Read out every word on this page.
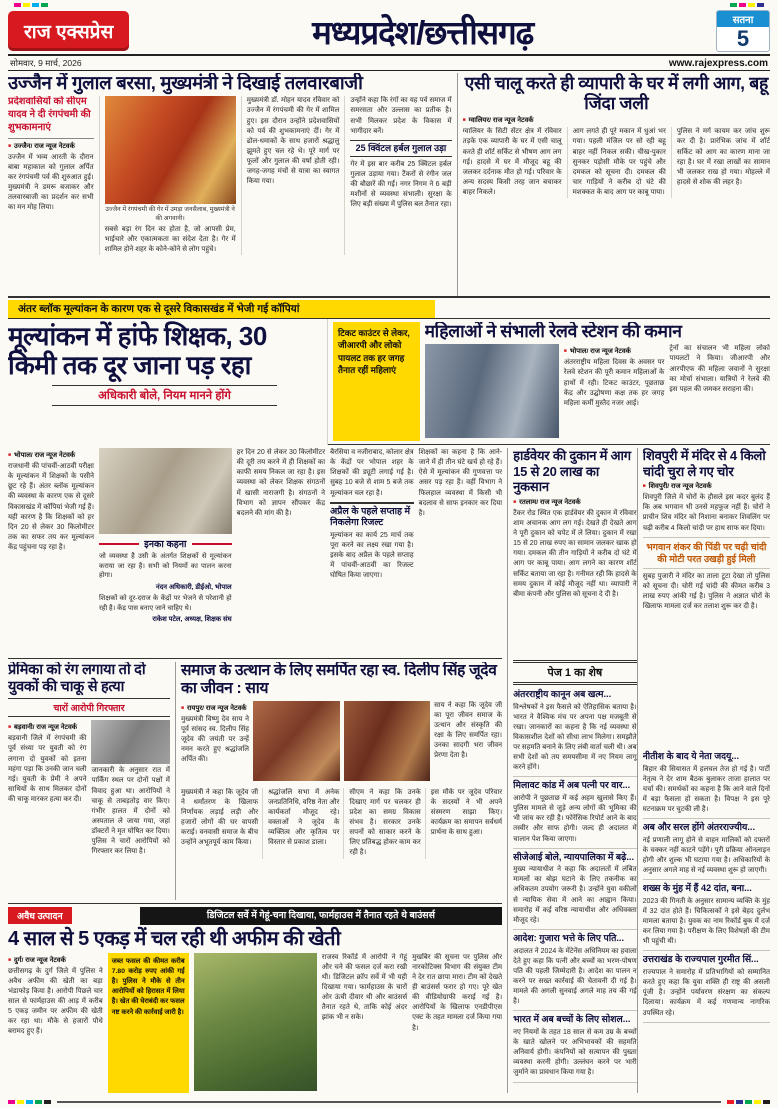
राज एक्सप्रेस	मध्यप्रदेश/छत्तीसगढ़	सतना
5
सोमवार, 9 मार्च, 2026	www.rajexpress.com
उज्जैन में गुलाल बरसा, मुख्यमंत्री ने दिखाई तलवारबाजी
प्रदेशवासियों को सीएम यादव ने दी रंगपंचमी की शुभकामनाएं
■ उज्जैन/ राज न्यूज नेटवर्क

उज्जैन में भव्य आरती के दौरान बाबा महाकाल को गुलाल अर्पित कर रंगपंचमी पर्व की शुरुआत हुई। मुख्यमंत्री ने डमरू बजाकर और तलवारबाजी का प्रदर्शन कर सभी का मन मोह लिया।	उज्जैन में रंगपंचमी की गेर में उमड़ा जनसैलाब, मुख्यमंत्री ने की अगवानी।

सबसे बड़ा रंग दिन का होता है, जो आपसी प्रेम, भाईचारे और एकात्मकता का संदेश देता है। गेर में शामिल होने शहर के कोने-कोने से लोग पहुंचे।

मुख्यमंत्री डॉ. मोहन यादव रविवार को उज्जैन में रंगपंचमी की गेर में शामिल हुए। इस दौरान उन्होंने प्रदेशवासियों को पर्व की शुभकामनाएं दीं। गेर में ढोल-धमाकों के साथ हजारों श्रद्धालु झूमते हुए चल रहे थे। पूरे मार्ग पर फूलों और गुलाल की वर्षा होती रही। जगह-जगह मंचों से यात्रा का स्वागत किया गया।

उन्होंने कहा कि रंगों का यह पर्व समाज में समरसता और उल्लास का प्रतीक है। सभी मिलकर प्रदेश के विकास में भागीदार बनें।

25 क्विंटल हर्बल गुलाल उड़ा

गेर में इस बार करीब 25 क्विंटल हर्बल गुलाल उड़ाया गया। टैंकरों से रंगीन जल की बौछारें की गईं। नगर निगम ने 6 बड़ी मशीनों से व्यवस्था संभाली। सुरक्षा के लिए बड़ी संख्या में पुलिस बल तैनात रहा।

एसी चालू करते ही व्यापारी के घर में लगी आग, बहू जिंदा जली
■ ग्वालियर/ राज न्यूज नेटवर्क

ग्वालियर के सिटी सेंटर क्षेत्र में रविवार तड़के एक व्यापारी के घर में एसी चालू करते ही शॉर्ट सर्किट से भीषण आग लग गई। हादसे में घर में मौजूद बहू की जलकर दर्दनाक मौत हो गई। परिवार के अन्य सदस्य किसी तरह जान बचाकर बाहर निकले।

आग लगते ही पूरे मकान में धुआं भर गया। पहली मंजिल पर सो रही बहू बाहर नहीं निकल सकी। चीख-पुकार सुनकर पड़ोसी मौके पर पहुंचे और दमकल को सूचना दी। दमकल की चार गाड़ियों ने करीब दो घंटे की मशक्कत के बाद आग पर काबू पाया।

पुलिस ने मर्ग कायम कर जांच शुरू कर दी है। प्रारंभिक जांच में शॉर्ट सर्किट को आग का कारण माना जा रहा है। घर में रखा लाखों का सामान भी जलकर राख हो गया। मोहल्ले में हादसे से शोक की लहर है।

अंतर ब्लॉक मूल्यांकन के कारण एक से दूसरे विकासखंड में भेजी गई कॉपियां
मूल्यांकन में हांफे शिक्षक, 30 किमी तक दूर जाना पड़ रहा
अधिकारी बोले, नियम मानने होंगे
टिकट काउंटर से लेकर, जीआरपी और लोको पायलट तक हर जगह तैनात रहीं महिलाएं
महिलाओं ने संभाली रेलवे स्टेशन की कमान
■ भोपाल/ राज न्यूज नेटवर्क

अंतरराष्ट्रीय महिला दिवस के अवसर पर रेलवे स्टेशन की पूरी कमान महिलाओं के हाथों में रही। टिकट काउंटर, पूछताछ केंद्र और उद्घोषणा कक्ष तक हर जगह महिला कर्मी मुस्तैद नजर आईं।

ट्रेनों का संचालन भी महिला लोको पायलटों ने किया। जीआरपी और आरपीएफ की महिला जवानों ने सुरक्षा का मोर्चा संभाला। यात्रियों ने रेलवे की इस पहल की जमकर सराहना की।

■ भोपाल/ राज न्यूज नेटवर्क

राजधानी की पांचवीं-आठवीं परीक्षा के मूल्यांकन में शिक्षकों के पसीने छूट रहे हैं। अंतर ब्लॉक मूल्यांकन की व्यवस्था के कारण एक से दूसरे विकासखंड में कॉपियां भेजी गई हैं। यही कारण है कि शिक्षकों को हर दिन 20 से लेकर 30 किलोमीटर तक का सफर तय कर मूल्यांकन केंद्र पहुंचना पड़ रहा है।	इनका कहना

जो व्यवस्था है उसी के अंतर्गत शिक्षकों से मूल्यांकन कराया जा रहा है। सभी को नियमों का पालन करना होगा।

नंदन अधिकारी, डीईओ, भोपाल

शिक्षकों को दूर-दराज के केंद्रों पर भेजने से परेशानी हो रही है। केंद्र पास बनाए जाने चाहिए थे।

राकेश पटेल, अध्यक्ष, शिक्षक संघ

हर दिन 20 से लेकर 30 किलोमीटर की दूरी तय करने में ही शिक्षकों का काफी समय निकल जा रहा है। इस व्यवस्था को लेकर शिक्षक संगठनों में खासी नाराजगी है। संगठनों ने विभाग को ज्ञापन सौंपकर केंद्र बदलने की मांग की है।

बैरसिया व नजीराबाद, कोलार क्षेत्र के केंद्रों पर भोपाल शहर के शिक्षकों की ड्यूटी लगाई गई है। सुबह 10 बजे से शाम 5 बजे तक मूल्यांकन चल रहा है।

अप्रैल के पहले सप्ताह में निकलेगा रिजल्ट

मूल्यांकन का कार्य 25 मार्च तक पूरा करने का लक्ष्य रखा गया है। इसके बाद अप्रैल के पहले सप्ताह में पांचवीं-आठवीं का रिजल्ट घोषित किया जाएगा।

शिक्षकों का कहना है कि आने-जाने में ही तीन घंटे खर्च हो रहे हैं। ऐसे में मूल्यांकन की गुणवत्ता पर असर पड़ रहा है। वहीं विभाग ने फिलहाल व्यवस्था में किसी भी बदलाव से साफ इनकार कर दिया है।

प्रेमिका को रंग लगाया तो दो युवकों की चाकू से हत्या
चारों आरोपी गिरफ्तार
■ बड़वानी/ राज न्यूज नेटवर्क

बड़वानी जिले में रंगपंचमी की पूर्व संध्या पर युवती को रंग लगाना दो युवकों को इतना महंगा पड़ा कि उनकी जान चली गई। युवती के प्रेमी ने अपने साथियों के साथ मिलकर दोनों की चाकू मारकर हत्या कर दी।

जानकारी के अनुसार रात में पार्किंग स्थल पर दोनों पक्षों में विवाद हुआ था। आरोपियों ने चाकू से ताबड़तोड़ वार किए। गंभीर हालत में दोनों को अस्पताल ले जाया गया, जहां डॉक्टरों ने मृत घोषित कर दिया। पुलिस ने चारों आरोपियों को गिरफ्तार कर लिया है।

समाज के उत्थान के लिए समर्पित रहा स्व. दिलीप सिंह जूदेव का जीवन : साय
■ रायपुर/ राज न्यूज नेटवर्क

मुख्यमंत्री विष्णु देव साय ने पूर्व सांसद स्व. दिलीप सिंह जूदेव की जयंती पर उन्हें नमन करते हुए श्रद्धांजलि अर्पित की।

साय ने कहा कि जूदेव जी का पूरा जीवन समाज के उत्थान और संस्कृति की रक्षा के लिए समर्पित रहा। उनका सादगी भरा जीवन प्रेरणा देता है।

मुख्यमंत्री ने कहा कि जूदेव जी ने धर्मांतरण के खिलाफ निर्णायक लड़ाई लड़ी और हजारों लोगों की घर वापसी कराई। वनवासी समाज के बीच उन्होंने अभूतपूर्व काम किया।

श्रद्धांजलि सभा में अनेक जनप्रतिनिधि, वरिष्ठ नेता और कार्यकर्ता मौजूद रहे। वक्ताओं ने जूदेव के व्यक्तित्व और कृतित्व पर विस्तार से प्रकाश डाला।

सीएम ने कहा कि उनके दिखाए मार्ग पर चलकर ही प्रदेश का समग्र विकास संभव है। सरकार उनके सपनों को साकार करने के लिए प्रतिबद्ध होकर काम कर रही है।

इस मौके पर जूदेव परिवार के सदस्यों ने भी अपने संस्मरण साझा किए। कार्यक्रम का समापन सर्वधर्म प्रार्थना के साथ हुआ।

अवैध उत्पादन	डिजिटल सर्वे में गेहूं-चना दिखाया, फार्महाउस में तैनात रहते थे बाउंसर्स
4 साल से 5 एकड़ में चल रही थी अफीम की खेती
■ दुर्ग/ राज न्यूज नेटवर्क

छत्तीसगढ़ के दुर्ग जिले में पुलिस ने अवैध अफीम की खेती का बड़ा भंडाफोड़ किया है। आरोपी पिछले चार साल से फार्महाउस की आड़ में करीब 5 एकड़ जमीन पर अफीम की खेती कर रहा था। मौके से हजारों पौधे बरामद हुए हैं।

जब्त फसल की कीमत करीब 7.80 करोड़ रुपए आंकी गई है। पुलिस ने मौके से तीन आरोपियों को हिरासत में लिया है। खेत की घेराबंदी कर फसल नष्ट करने की कार्रवाई जारी है।

राजस्व रिकॉर्ड में आरोपी ने गेहूं और चने की फसल दर्ज करा रखी थी। डिजिटल क्रॉप सर्वे में भी यही दिखाया गया। फार्महाउस के चारों ओर ऊंची दीवार थी और बाउंसर्स तैनात रहते थे, ताकि कोई अंदर झांक भी न सके।

मुखबिर की सूचना पर पुलिस और नारकोटिक्स विभाग की संयुक्त टीम ने देर रात छापा मारा। टीम को देखते ही बाउंसर्स फरार हो गए। पूरे खेत की वीडियोग्राफी कराई गई है। आरोपियों के खिलाफ एनडीपीएस एक्ट के तहत मामला दर्ज किया गया है।

हार्डवेयर की दुकान में आग 15 से 20 लाख का नुकसान
■ रतलाम/ राज न्यूज नेटवर्क

टैंकर रोड स्थित एक हार्डवेयर की दुकान में रविवार शाम अचानक आग लग गई। देखते ही देखते आग ने पूरी दुकान को चपेट में ले लिया। दुकान में रखा 15 से 20 लाख रुपए का सामान जलकर खाक हो गया। दमकल की तीन गाड़ियों ने करीब दो घंटे में आग पर काबू पाया। आग लगने का कारण शॉर्ट सर्किट बताया जा रहा है। गनीमत रही कि हादसे के समय दुकान में कोई मौजूद नहीं था। व्यापारी ने बीमा कंपनी और पुलिस को सूचना दे दी है।

पेज 1 का शेष
अंतरराष्ट्रीय कानून अब खत्म...

विश्लेषकों ने इस फैसले को ऐतिहासिक बताया है। भारत ने वैश्विक मंच पर अपना पक्ष मजबूती से रखा। जानकारों का कहना है कि नई व्यवस्था से विकासशील देशों को सीधा लाभ मिलेगा। समझौते पर सहमति बनाने के लिए लंबी वार्ता चली थी। अब सभी देशों को तय समयसीमा में नए नियम लागू करने होंगे।

मिलावट कांड में अब पत्नी पर वार...

आरोपी ने पूछताछ में कई अहम खुलासे किए हैं। पुलिस मामले से जुड़े अन्य लोगों की भूमिका की भी जांच कर रही है। फोरेंसिक रिपोर्ट आने के बाद तस्वीर और साफ होगी। जल्द ही अदालत में चालान पेश किया जाएगा।

सीजेआई बोले, न्यायपालिका में बढ़े...

मुख्य न्यायाधीश ने कहा कि अदालतों में लंबित मामलों का बोझ घटाने के लिए तकनीक का अधिकतम उपयोग जरूरी है। उन्होंने युवा वकीलों से न्यायिक सेवा में आने का आह्वान किया। समारोह में कई वरिष्ठ न्यायाधीश और अधिवक्ता मौजूद रहे।

आदेश: गुजारा भत्ते के लिए पति...

अदालत ने 2024 के मेंटेनेंस अधिनियम का हवाला देते हुए कहा कि पत्नी और बच्चों का भरण-पोषण पति की पहली जिम्मेदारी है। आदेश का पालन न करने पर सख्त कार्रवाई की चेतावनी दी गई है। मामले की अगली सुनवाई अगले माह तय की गई है।

भारत में अब बच्चों के लिए सोशल...

नए नियमों के तहत 18 साल से कम उम्र के बच्चों के खाते खोलने पर अभिभावकों की सहमति अनिवार्य होगी। कंपनियों को सत्यापन की पुख्ता व्यवस्था करनी होगी। उल्लंघन करने पर भारी जुर्माने का प्रावधान किया गया है।

शिवपुरी में मंदिर से 4 किलो चांदी चुरा ले गए चोर
■ शिवपुरी/ राज न्यूज नेटवर्क

शिवपुरी जिले में चोरों के हौसले इस कदर बुलंद हैं कि अब भगवान भी उनसे महफूज नहीं हैं। चोरों ने प्राचीन शिव मंदिर को निशाना बनाकर शिवलिंग पर चढ़ी करीब 4 किलो चांदी पर हाथ साफ कर दिया।

भगवान शंकर की पिंडी पर चढ़ी चांदी की मोटी परत उखड़ी हुई मिली

सुबह पुजारी ने मंदिर का ताला टूटा देखा तो पुलिस को सूचना दी। चोरी गई चांदी की कीमत करीब 3 लाख रुपए आंकी गई है। पुलिस ने अज्ञात चोरों के खिलाफ मामला दर्ज कर तलाश शुरू कर दी है।

नीतीश के बाद ये नेता जदयू...

बिहार की सियासत में हलचल तेज हो गई है। पार्टी नेतृत्व ने देर शाम बैठक बुलाकर ताजा हालात पर चर्चा की। समर्थकों का कहना है कि आने वाले दिनों में बड़ा फैसला हो सकता है। विपक्ष ने इस पूरे घटनाक्रम पर चुटकी ली है।

अब और सरल होंगे अंतरराज्यीय...

नई प्रणाली लागू होने से वाहन मालिकों को दफ्तरों के चक्कर नहीं काटने पड़ेंगे। पूरी प्रक्रिया ऑनलाइन होगी और शुल्क भी घटाया गया है। अधिकारियों के अनुसार अगले माह से नई व्यवस्था शुरू हो जाएगी।

शख्स के मुंह में हैं 42 दांत, बना...

2023 की गिनती के अनुसार सामान्य व्यक्ति के मुंह में 32 दांत होते हैं। चिकित्सकों ने इसे बेहद दुर्लभ मामला बताया है। युवक का नाम रिकॉर्ड बुक में दर्ज कर लिया गया है। परीक्षण के लिए विशेषज्ञों की टीम भी पहुंची थी।

उत्तराखंड के राज्यपाल गुरमीत सिं...

राज्यपाल ने समारोह में प्रतिभागियों को सम्मानित करते हुए कहा कि युवा शक्ति ही राष्ट्र की असली पूंजी है। उन्होंने पर्यावरण संरक्षण का संकल्प दिलाया। कार्यक्रम में कई गणमान्य नागरिक उपस्थित रहे।
